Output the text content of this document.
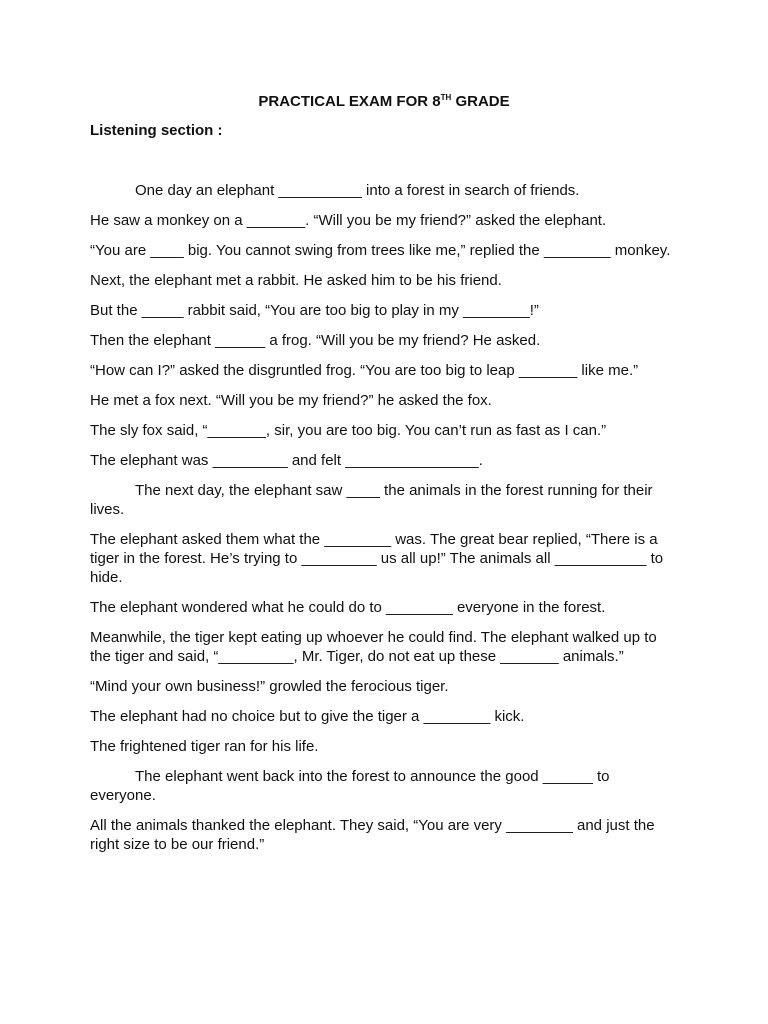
PRACTICAL EXAM FOR 8TH GRADE
Listening section :

One day an elephant __________ into a forest in search of friends.

He saw a monkey on a _______. “Will you be my friend?” asked the elephant.

“You are ____ big. You cannot swing from trees like me,” replied the ________ monkey.

Next, the elephant met a rabbit. He asked him to be his friend.

But the _____ rabbit said, “You are too big to play in my ________!”

Then the elephant ______ a frog. “Will you be my friend? He asked.

“How can I?” asked the disgruntled frog. “You are too big to leap _______ like me.”

He met a fox next. “Will you be my friend?” he asked the fox.

The sly fox said, “_______, sir, you are too big. You can’t run as fast as I can.”

The elephant was _________ and felt ________________.

The next day, the elephant saw ____ the animals in the forest running for their lives.

The elephant asked them what the ________ was. The great bear replied, “There is a tiger in the forest. He’s trying to _________ us all up!” The animals all ___________ to hide.

The elephant wondered what he could do to ________ everyone in the forest.

Meanwhile, the tiger kept eating up whoever he could find. The elephant walked up to the tiger and said, “_________, Mr. Tiger, do not eat up these _______ animals.”

“Mind your own business!” growled the ferocious tiger.

The elephant had no choice but to give the tiger a ________ kick.

The frightened tiger ran for his life.

The elephant went back into the forest to announce the good ______ to everyone.

All the animals thanked the elephant. They said, “You are very ________ and just the right size to be our friend.”
